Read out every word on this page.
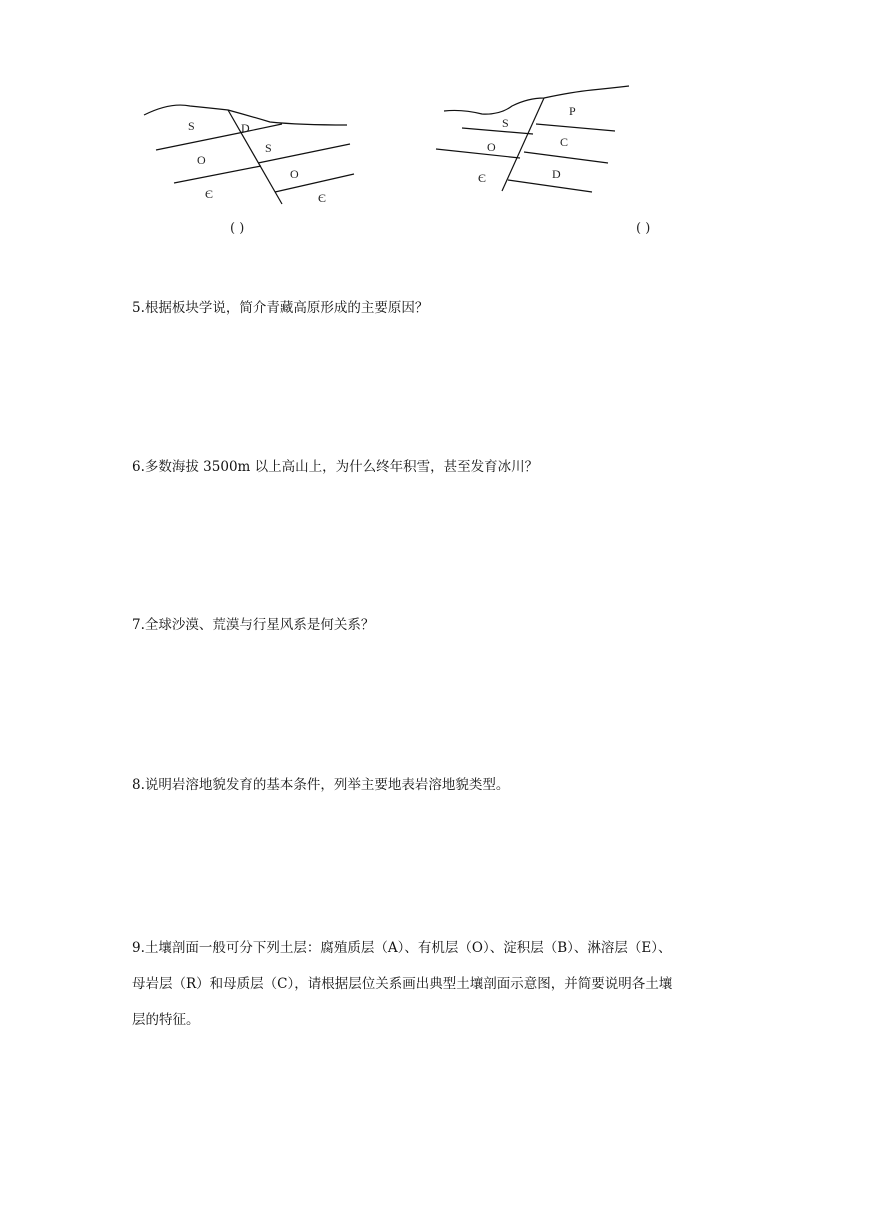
S	D
O
S
Є
O
Є
( )
S
P
O	C
Є	D
( )
5.根据板块学说，简介青藏高原形成的主要原因？
6.多数海拔 3500m 以上高山上，为什么终年积雪，甚至发育冰川？
7.全球沙漠、荒漠与行星风系是何关系？
8.说明岩溶地貌发育的基本条件，列举主要地表岩溶地貌类型。
9.土壤剖面一般可分下列土层：腐殖质层（A）、有机层（O）、淀积层（B）、淋溶层（E）、
母岩层（R）和母质层（C），请根据层位关系画出典型土壤剖面示意图，并简要说明各土壤
层的特征。
